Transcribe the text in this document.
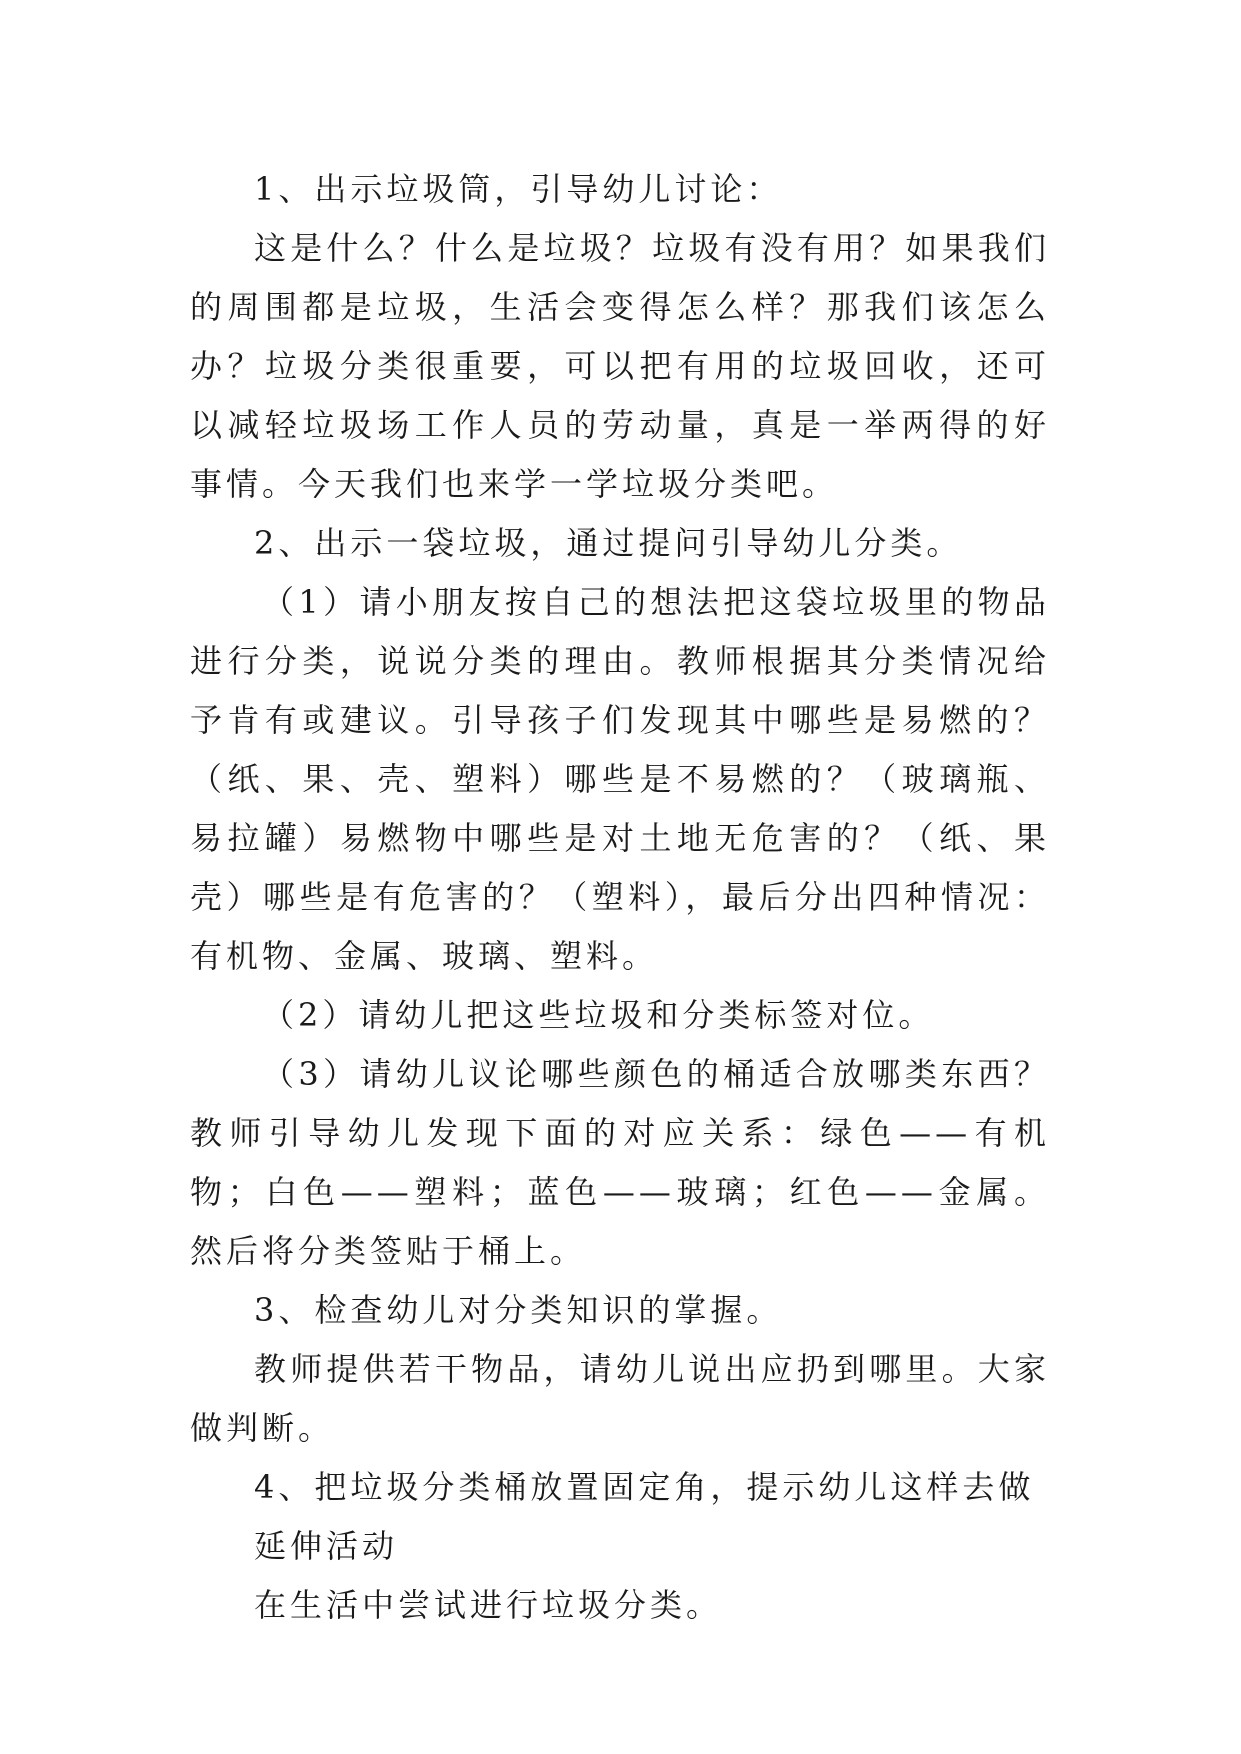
1、出示垃圾筒，引导幼儿讨论：

这是什么？什么是垃圾？垃圾有没有用？如果我们的周围都是垃圾，生活会变得怎么样？那我们该怎么办？垃圾分类很重要，可以把有用的垃圾回收，还可以减轻垃圾场工作人员的劳动量，真是一举两得的好事情。今天我们也来学一学垃圾分类吧。

2、出示一袋垃圾，通过提问引导幼儿分类。

（1）请小朋友按自己的想法把这袋垃圾里的物品进行分类，说说分类的理由。教师根据其分类情况给予肯有或建议。引导孩子们发现其中哪些是易燃的？（纸、果、壳、塑料）哪些是不易燃的？（玻璃瓶、易拉罐）易燃物中哪些是对土地无危害的？（纸、果壳）哪些是有危害的？（塑料），最后分出四种情况：有机物、金属、玻璃、塑料。

（2）请幼儿把这些垃圾和分类标签对位。

（3）请幼儿议论哪些颜色的桶适合放哪类东西？教师引导幼儿发现下面的对应关系：绿色——有机物；白色——塑料；蓝色——玻璃；红色——金属。然后将分类签贴于桶上。

3、检查幼儿对分类知识的掌握。

教师提供若干物品，请幼儿说出应扔到哪里。大家做判断。

4、把垃圾分类桶放置固定角，提示幼儿这样去做

延伸活动

在生活中尝试进行垃圾分类。
